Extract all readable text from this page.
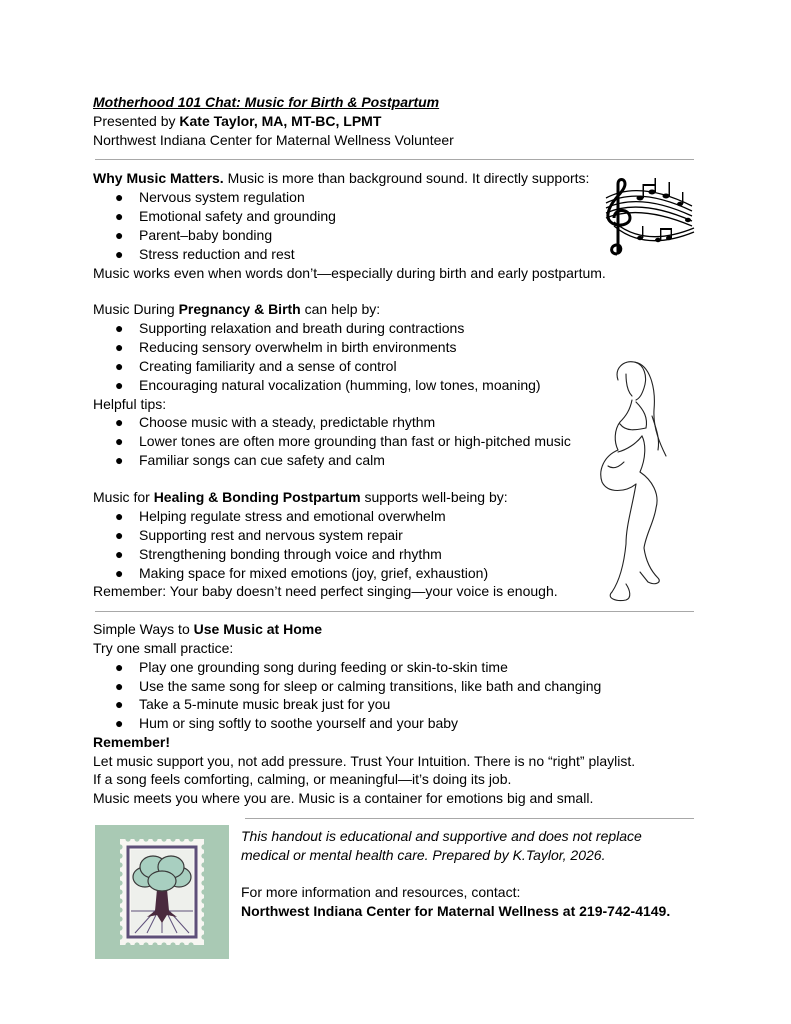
Motherhood 101 Chat: Music for Birth & Postpartum
Presented by Kate Taylor, MA, MT-BC, LPMT
Northwest Indiana Center for Maternal Wellness Volunteer
Why Music Matters. Music is more than background sound. It directly supports:
● Nervous system regulation
● Emotional safety and grounding
● Parent–baby bonding
● Stress reduction and rest
Music works even when words don’t—especially during birth and early postpartum.
Music During Pregnancy & Birth can help by:
● Supporting relaxation and breath during contractions
● Reducing sensory overwhelm in birth environments
● Creating familiarity and a sense of control
● Encouraging natural vocalization (humming, low tones, moaning)
Helpful tips:
● Choose music with a steady, predictable rhythm
● Lower tones are often more grounding than fast or high-pitched music
● Familiar songs can cue safety and calm
Music for Healing & Bonding Postpartum supports well-being by:
● Helping regulate stress and emotional overwhelm
● Supporting rest and nervous system repair
● Strengthening bonding through voice and rhythm
● Making space for mixed emotions (joy, grief, exhaustion)
Remember: Your baby doesn’t need perfect singing—your voice is enough.
Simple Ways to Use Music at Home
Try one small practice:
● Play one grounding song during feeding or skin-to-skin time
● Use the same song for sleep or calming transitions, like bath and changing
● Take a 5-minute music break just for you
● Hum or sing softly to soothe yourself and your baby
Remember!
Let music support you, not add pressure. Trust Your Intuition. There is no “right” playlist.
If a song feels comforting, calming, or meaningful—it’s doing its job.
Music meets you where you are. Music is a container for emotions big and small.
This handout is educational and supportive and does not replace
medical or mental health care. Prepared by K.Taylor, 2026.
For more information and resources, contact:
Northwest Indiana Center for Maternal Wellness at 219-742-4149.
